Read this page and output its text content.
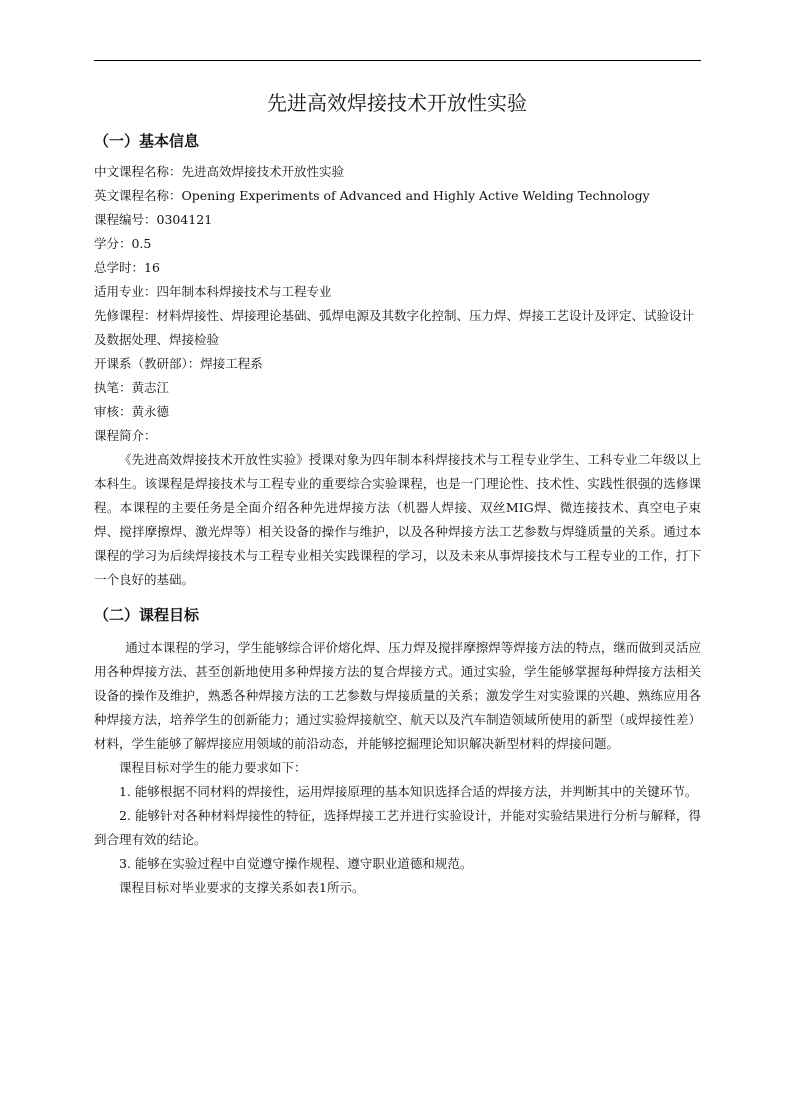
先进高效焊接技术开放性实验
（一）基本信息

中文课程名称：先进高效焊接技术开放性实验

英文课程名称：Opening Experiments of Advanced and Highly Active Welding Technology

课程编号：0304121

学分：0.5

总学时：16

适用专业：四年制本科焊接技术与工程专业

先修课程：材料焊接性、焊接理论基础、弧焊电源及其数字化控制、压力焊、焊接工艺设计及评定、试验设计及数据处理、焊接检验

开课系（教研部）：焊接工程系

执笔：黄志江

审核：黄永德

课程简介：

《先进高效焊接技术开放性实验》授课对象为四年制本科焊接技术与工程专业学生、工科专业二年级以上本科生。该课程是焊接技术与工程专业的重要综合实验课程，也是一门理论性、技术性、实践性很强的选修课程。本课程的主要任务是全面介绍各种先进焊接方法（机器人焊接、双丝MIG焊、微连接技术、真空电子束焊、搅拌摩擦焊、激光焊等）相关设备的操作与维护，以及各种焊接方法工艺参数与焊缝质量的关系。通过本课程的学习为后续焊接技术与工程专业相关实践课程的学习，以及未来从事焊接技术与工程专业的工作，打下一个良好的基础。

（二）课程目标

通过本课程的学习，学生能够综合评价熔化焊、压力焊及搅拌摩擦焊等焊接方法的特点，继而做到灵活应用各种焊接方法、甚至创新地使用多种焊接方法的复合焊接方式。通过实验，学生能够掌握每种焊接方法相关设备的操作及维护，熟悉各种焊接方法的工艺参数与焊接质量的关系；激发学生对实验课的兴趣、熟练应用各种焊接方法，培养学生的创新能力；通过实验焊接航空、航天以及汽车制造领域所使用的新型（或焊接性差）材料，学生能够了解焊接应用领域的前沿动态，并能够挖掘理论知识解决新型材料的焊接问题。

课程目标对学生的能力要求如下：

1. 能够根据不同材料的焊接性，运用焊接原理的基本知识选择合适的焊接方法，并判断其中的关键环节。

2. 能够针对各种材料焊接性的特征，选择焊接工艺并进行实验设计，并能对实验结果进行分析与解释，得到合理有效的结论。

3. 能够在实验过程中自觉遵守操作规程、遵守职业道德和规范。

课程目标对毕业要求的支撑关系如表1所示。
